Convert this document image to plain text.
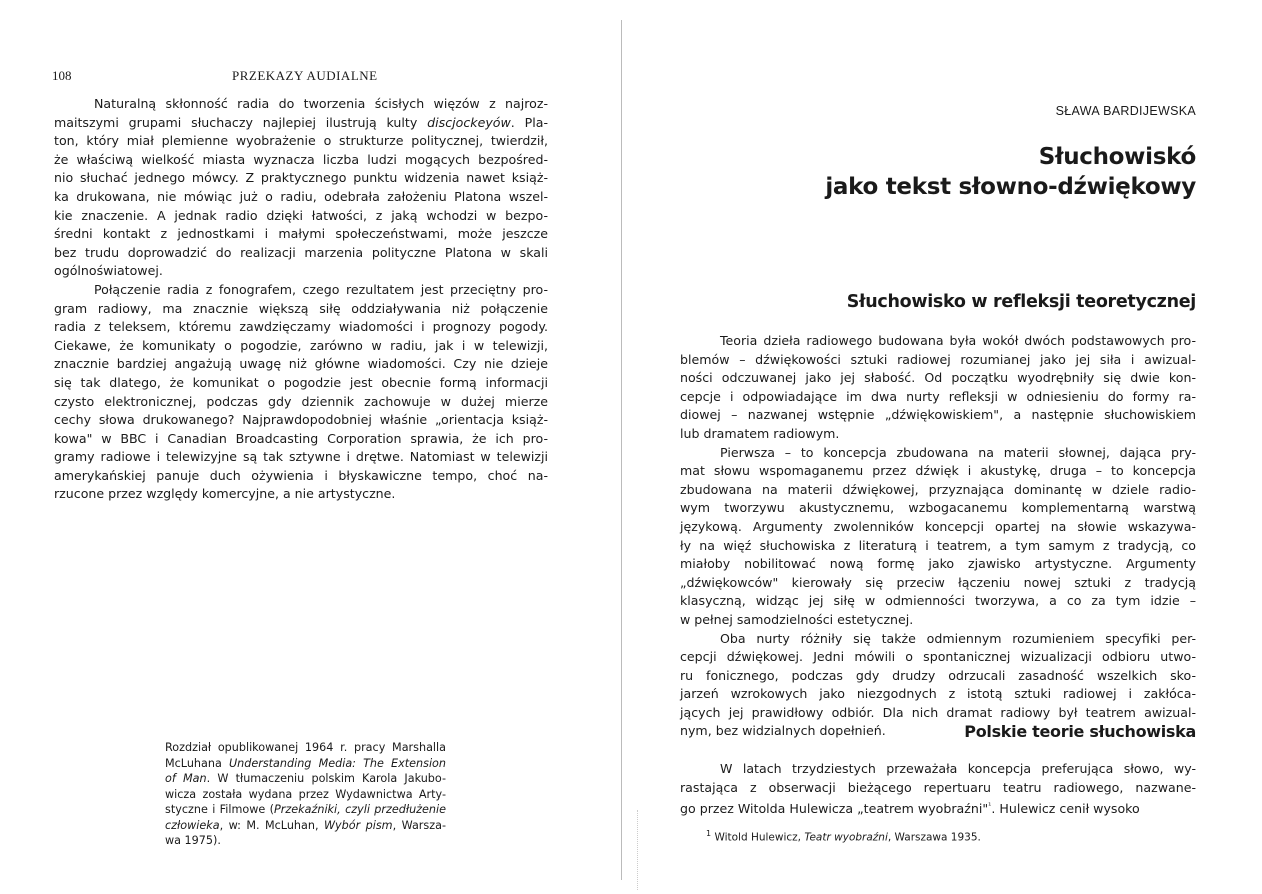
108	PRZEKAZY AUDIALNE
Naturalną skłonność radia do tworzenia ścisłych więzów z najroz-
maitszymi grupami słuchaczy najlepiej ilustrują kulty discjockeyów. Pla-
ton, który miał plemienne wyobrażenie o strukturze politycznej, twierdził,
że właściwą wielkość miasta wyznacza liczba ludzi mogących bezpośred-
nio słuchać jednego mówcy. Z praktycznego punktu widzenia nawet książ-
ka drukowana, nie mówiąc już o radiu, odebrała założeniu Platona wszel-
kie znaczenie. A jednak radio dzięki łatwości, z jaką wchodzi w bezpo-
średni kontakt z jednostkami i małymi społeczeństwami, może jeszcze
bez trudu doprowadzić do realizacji marzenia polityczne Platona w skali
ogólnoświatowej.
Połączenie radia z fonografem, czego rezultatem jest przeciętny pro-
gram radiowy, ma znacznie większą siłę oddziaływania niż połączenie
radia z teleksem, któremu zawdzięczamy wiadomości i prognozy pogody.
Ciekawe, że komunikaty o pogodzie, zarówno w radiu, jak i w telewizji,
znacznie bardziej angażują uwagę niż główne wiadomości. Czy nie dzieje
się tak dlatego, że komunikat o pogodzie jest obecnie formą informacji
czysto elektronicznej, podczas gdy dziennik zachowuje w dużej mierze
cechy słowa drukowanego? Najprawdopodobniej właśnie „orientacja książ-
kowa" w BBC i Canadian Broadcasting Corporation sprawia, że ich pro-
gramy radiowe i telewizyjne są tak sztywne i drętwe. Natomiast w telewizji
amerykańskiej panuje duch ożywienia i błyskawiczne tempo, choć na-
rzucone przez względy komercyjne, a nie artystyczne.
Rozdział opublikowanej 1964 r. pracy Marshalla
McLuhana Understanding Media: The Extension
of Man. W tłumaczeniu polskim Karola Jakubo-
wicza została wydana przez Wydawnictwa Arty-
styczne i Filmowe (Przekaźniki, czyli przedłużenie
człowieka, w: M. McLuhan, Wybór pism, Warsza-
wa 1975).
SŁAWA BARDIJEWSKA
Słuchowiskó
jako tekst słowno-dźwiękowy
Słuchowisko w refleksji teoretycznej
Teoria dzieła radiowego budowana była wokół dwóch podstawowych pro-
blemów – dźwiękowości sztuki radiowej rozumianej jako jej siła i awizual-
ności odczuwanej jako jej słabość. Od początku wyodrębniły się dwie kon-
cepcje i odpowiadające im dwa nurty refleksji w odniesieniu do formy ra-
diowej – nazwanej wstępnie „dźwiękowiskiem", a następnie słuchowiskiem
lub dramatem radiowym.
Pierwsza – to koncepcja zbudowana na materii słownej, dająca pry-
mat słowu wspomaganemu przez dźwięk i akustykę, druga – to koncepcja
zbudowana na materii dźwiękowej, przyznająca dominantę w dziele radio-
wym tworzywu akustycznemu, wzbogacanemu komplementarną warstwą
językową. Argumenty zwolenników koncepcji opartej na słowie wskazywa-
ły na więź słuchowiska z literaturą i teatrem, a tym samym z tradycją, co
miałoby nobilitować nową formę jako zjawisko artystyczne. Argumenty
„dźwiękowców" kierowały się przeciw łączeniu nowej sztuki z tradycją
klasyczną, widząc jej siłę w odmienności tworzywa, a co za tym idzie –
w pełnej samodzielności estetycznej.
Oba nurty różniły się także odmiennym rozumieniem specyfiki per-
cepcji dźwiękowej. Jedni mówili o spontanicznej wizualizacji odbioru utwo-
ru fonicznego, podczas gdy drudzy odrzucali zasadność wszelkich sko-
jarzeń wzrokowych jako niezgodnych z istotą sztuki radiowej i zakłóca-
jących jej prawidłowy odbiór. Dla nich dramat radiowy był teatrem awizual-
nym, bez widzialnych dopełnień.	Polskie teorie słuchowiska
W latach trzydziestych przeważała koncepcja preferująca słowo, wy-
rastająca z obserwacji bieżącego repertuaru teatru radiowego, nazwane-
go przez Witolda Hulewicza „teatrem wyobraźni"$^{^1}$. Hulewicz cenił wysoko
$^1$ Witold Hulewicz, Teatr wyobraźni, Warszawa 1935.
